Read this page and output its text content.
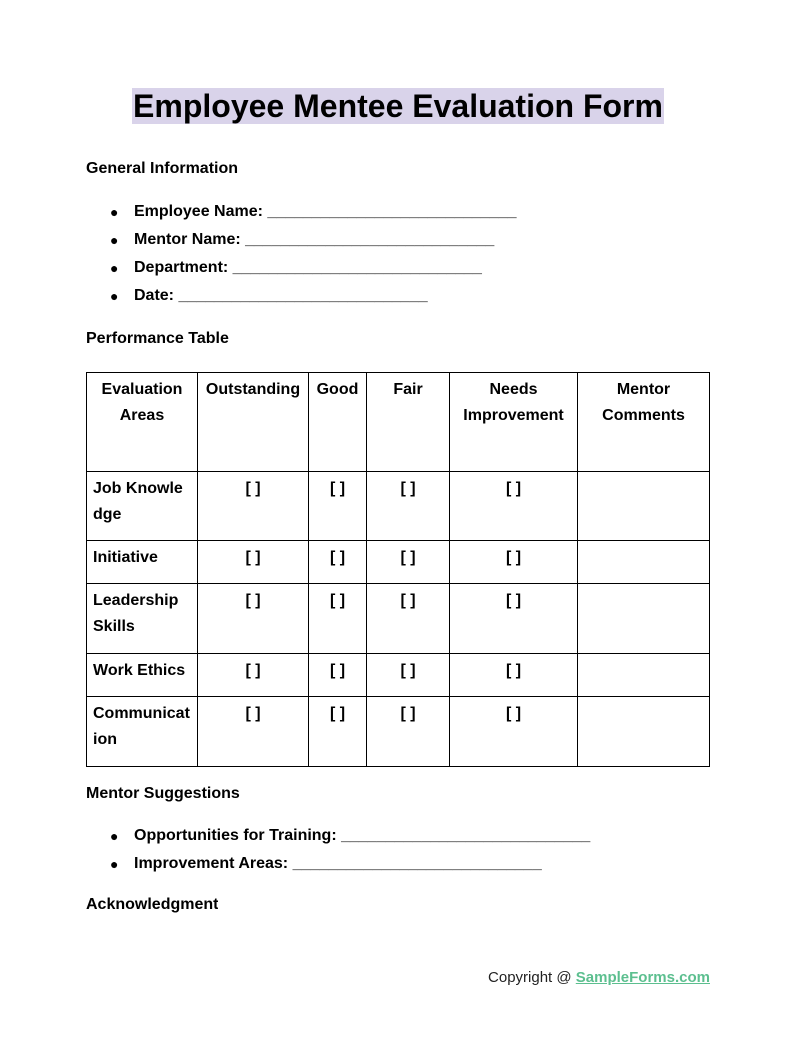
Employee Mentee Evaluation Form
General Information
● Employee Name: ____________________________
● Mentor Name: ____________________________
● Department: ____________________________
● Date: ____________________________
Performance Table
Evaluation Areas	Outstanding	Good	Fair	Needs Improvement	Mentor Comments
Job Knowledge	[ ]	[ ]	[ ]	[ ]	
Initiative	[ ]	[ ]	[ ]	[ ]	
Leadership Skills	[ ]	[ ]	[ ]	[ ]	
Work Ethics	[ ]	[ ]	[ ]	[ ]	
Communication	[ ]	[ ]	[ ]	[ ]	
Mentor Suggestions
● Opportunities for Training: ____________________________
● Improvement Areas: ____________________________
Acknowledgment
Copyright @ SampleForms.com
